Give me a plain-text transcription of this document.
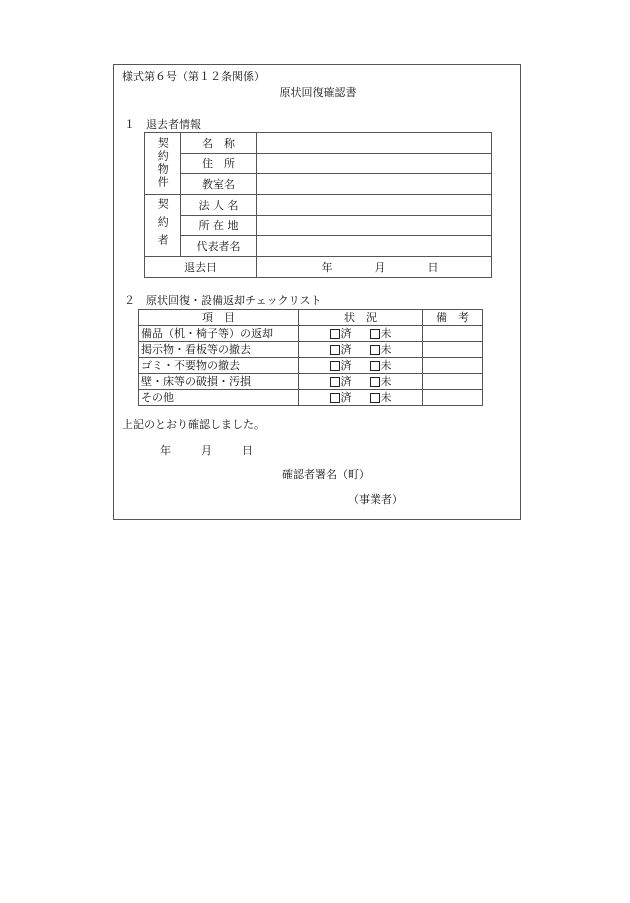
様式第６号（第１２条関係）
原状回復確認書
１　退去者情報
契約物件	名　称	
	住　所	
	教室名	
契約者	法 人 名	
	所 在 地	
	代表者名	
退去日		年 月 日
２　原状回復・設備返却チェックリスト
項　目	状　況	備　考
備品（机・椅子等）の返却	済 未	

掲示物・看板等の撤去	済 未	

ゴミ・不要物の撤去	済 未	

壁・床等の破損・汚損	済 未	

その他	済 未	

上記のとおり確認しました。
年	月	日
確認者署名（町）
（事業者）
